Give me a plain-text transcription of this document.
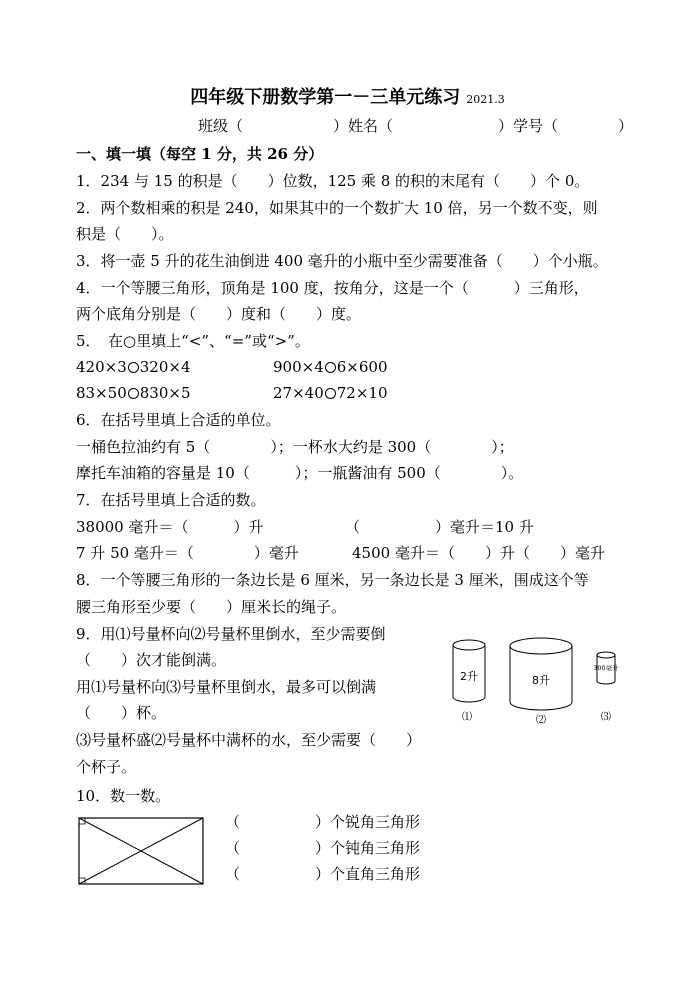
四年级下册数学第一－三单元练习 2021.3
班级（　　　　　　）姓名（　　　　　　　）学号（　　　　）
一、填一填（每空 1 分，共 26 分）
1．234 与 15 的积是（　　）位数，125 乘 8 的积的末尾有（　　）个 0。
2．两个数相乘的积是 240，如果其中的一个数扩大 10 倍，另一个数不变，则
积是（　　）。
3．将一壶 5 升的花生油倒进 400 毫升的小瓶中至少需要准备（　　）个小瓶。
4．一个等腰三角形，顶角是 100 度，按角分，这是一个（　　　）三角形，
两个底角分别是（　　）度和（　　）度。
5．　在○里填上“<”、“=”或“>”。
420×3 320×4	900×4 6×600
83×50 830×5	27×40 72×10
6．在括号里填上合适的单位。
一桶色拉油约有 5（　　　　）；一杯水大约是 300（　　　　）；
摩托车油箱的容量是 10（　　　）；一瓶酱油有 500（　　　　）。
7．在括号里填上合适的数。
38000 毫升＝（　　　）升	（　　　　　）毫升＝10 升
7 升 50 毫升＝（　　　　）毫升	4500 毫升＝（　　）升（　　）毫升
8．一个等腰三角形的一条边长是 6 厘米，另一条边长是 3 厘米，围成这个等
腰三角形至少要（　　）厘米长的绳子。
9．用⑴号量杯向⑵号量杯里倒水，至少需要倒
（　　）次才能倒满。
用⑴号量杯向⑶号量杯里倒水，最多可以倒满
（　　）杯。
⑶号量杯盛⑵号量杯中满杯的水，至少需要（　　）
个杯子。
2升
⑴
8升
⑵
300毫升
⑶
10．数一数。
（　　　　　）个锐角三角形
（　　　　　）个钝角三角形
（　　　　　）个直角三角形
